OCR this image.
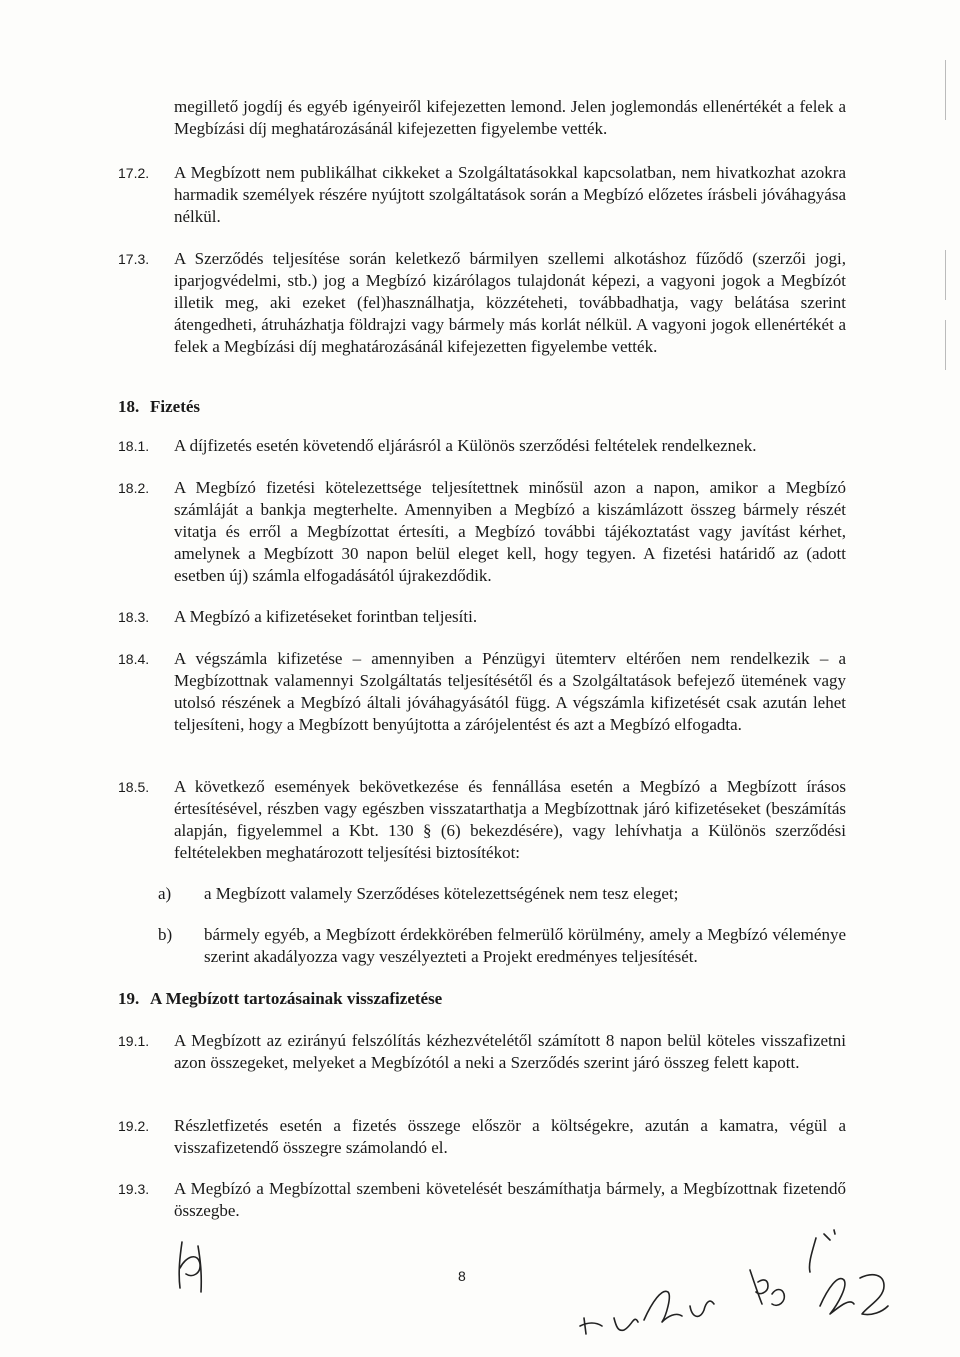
megillető jogdíj és egyéb igényeiről kifejezetten lemond. Jelen joglemondás ellenértékét a felek a Megbízási díj meghatározásánál kifejezetten figyelembe vették.
17.2. A Megbízott nem publikálhat cikkeket a Szolgáltatásokkal kapcsolatban, nem hivatkozhat azokra harmadik személyek részére nyújtott szolgáltatások során a Megbízó előzetes írásbeli jóváhagyása nélkül.
17.3. A Szerződés teljesítése során keletkező bármilyen szellemi alkotáshoz fűződő (szerzői jogi, iparjogvédelmi, stb.) jog a Megbízó kizárólagos tulajdonát képezi, a vagyoni jogok a Megbízót illetik meg, aki ezeket (fel)használhatja, közzéteheti, továbbadhatja, vagy belátása szerint átengedheti, átruházhatja földrajzi vagy bármely más korlát nélkül. A vagyoni jogok ellenértékét a felek a Megbízási díj meghatározásánál kifejezetten figyelembe vették.
18. Fizetés
18.1. A díjfizetés esetén követendő eljárásról a Különös szerződési feltételek rendelkeznek.
18.2. A Megbízó fizetési kötelezettsége teljesítettnek minősül azon a napon, amikor a Megbízó számláját a bankja megterhelte. Amennyiben a Megbízó a kiszámlázott összeg bármely részét vitatja és erről a Megbízottat értesíti, a Megbízó további tájékoztatást vagy javítást kérhet, amelynek a Megbízott 30 napon belül eleget kell, hogy tegyen. A fizetési határidő az (adott esetben új) számla elfogadásától újrakezdődik.
18.3. A Megbízó a kifizetéseket forintban teljesíti.
18.4. A végszámla kifizetése – amennyiben a Pénzügyi ütemterv eltérően nem rendelkezik – a Megbízottnak valamennyi Szolgáltatás teljesítésétől és a Szolgáltatások befejező ütemének vagy utolsó részének a Megbízó általi jóváhagyásától függ. A végszámla kifizetését csak azután lehet teljesíteni, hogy a Megbízott benyújtotta a zárójelentést és azt a Megbízó elfogadta.
18.5. A következő események bekövetkezése és fennállása esetén a Megbízó a Megbízott írásos értesítésével, részben vagy egészben visszatarthatja a Megbízottnak járó kifizetéseket (beszámítás alapján, figyelemmel a Kbt. 130 § (6) bekezdésére), vagy lehívhatja a Különös szerződési feltételekben meghatározott teljesítési biztosítékot:
a) a Megbízott valamely Szerződéses kötelezettségének nem tesz eleget;
b) bármely egyéb, a Megbízott érdekkörében felmerülő körülmény, amely a Megbízó véleménye szerint akadályozza vagy veszélyezteti a Projekt eredményes teljesítését.
19. A Megbízott tartozásainak visszafizetése
19.1. A Megbízott az ezirányú felszólítás kézhezvételétől számított 8 napon belül köteles visszafizetni azon összegeket, melyeket a Megbízótól a neki a Szerződés szerint járó összeg felett kapott.
19.2. Részletfizetés esetén a fizetés összege először a költségekre, azután a kamatra, végül a visszafizetendő összegre számolandó el.
19.3. A Megbízó a Megbízottal szembeni követelését beszámíthatja bármely, a Megbízottnak fizetendő összegbe.
8
